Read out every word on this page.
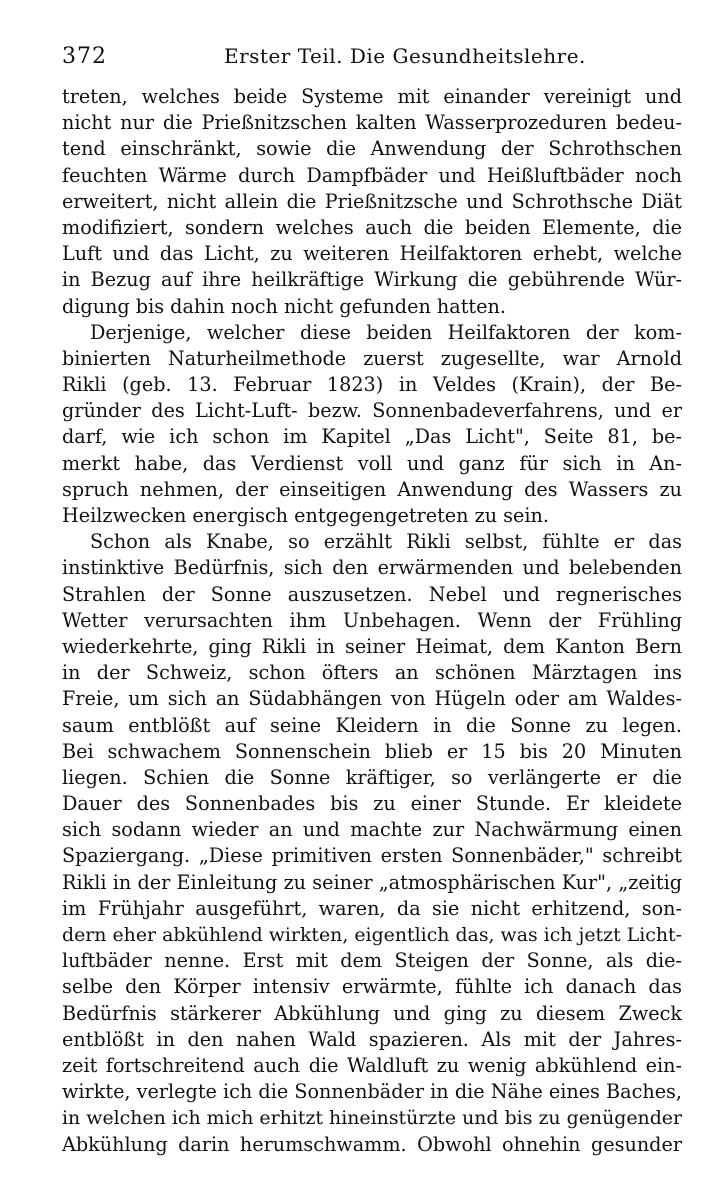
372	Erster Teil. Die Gesundheitslehre.
treten, welches beide Systeme mit einander vereinigt und
nicht nur die Prießnitzschen kalten Wasserprozeduren bedeu-
tend einschränkt, sowie die Anwendung der Schrothschen
feuchten Wärme durch Dampfbäder und Heißluftbäder noch
erweitert, nicht allein die Prießnitzsche und Schrothsche Diät
modifiziert, sondern welches auch die beiden Elemente, die
Luft und das Licht, zu weiteren Heilfaktoren erhebt, welche
in Bezug auf ihre heilkräftige Wirkung die gebührende Wür-
digung bis dahin noch nicht gefunden hatten.
Derjenige, welcher diese beiden Heilfaktoren der kom-
binierten Naturheilmethode zuerst zugesellte, war Arnold
Rikli (geb. 13. Februar 1823) in Veldes (Krain), der Be-
gründer des Licht-Luft- bezw. Sonnenbadeverfahrens, und er
darf, wie ich schon im Kapitel „Das Licht", Seite 81, be-
merkt habe, das Verdienst voll und ganz für sich in An-
spruch nehmen, der einseitigen Anwendung des Wassers zu
Heilzwecken energisch entgegengetreten zu sein.
Schon als Knabe, so erzählt Rikli selbst, fühlte er das
instinktive Bedürfnis, sich den erwärmenden und belebenden
Strahlen der Sonne auszusetzen. Nebel und regnerisches
Wetter verursachten ihm Unbehagen. Wenn der Frühling
wiederkehrte, ging Rikli in seiner Heimat, dem Kanton Bern
in der Schweiz, schon öfters an schönen Märztagen ins
Freie, um sich an Südabhängen von Hügeln oder am Waldes-
saum entblößt auf seine Kleidern in die Sonne zu legen.
Bei schwachem Sonnenschein blieb er 15 bis 20 Minuten
liegen. Schien die Sonne kräftiger, so verlängerte er die
Dauer des Sonnenbades bis zu einer Stunde. Er kleidete
sich sodann wieder an und machte zur Nachwärmung einen
Spaziergang. „Diese primitiven ersten Sonnenbäder," schreibt
Rikli in der Einleitung zu seiner „atmosphärischen Kur", „zeitig
im Frühjahr ausgeführt, waren, da sie nicht erhitzend, son-
dern eher abkühlend wirkten, eigentlich das, was ich jetzt Licht-
luftbäder nenne. Erst mit dem Steigen der Sonne, als die-
selbe den Körper intensiv erwärmte, fühlte ich danach das
Bedürfnis stärkerer Abkühlung und ging zu diesem Zweck
entblößt in den nahen Wald spazieren. Als mit der Jahres-
zeit fortschreitend auch die Waldluft zu wenig abkühlend ein-
wirkte, verlegte ich die Sonnenbäder in die Nähe eines Baches,
in welchen ich mich erhitzt hineinstürzte und bis zu genügender
Abkühlung darin herumschwamm. Obwohl ohnehin gesunder
